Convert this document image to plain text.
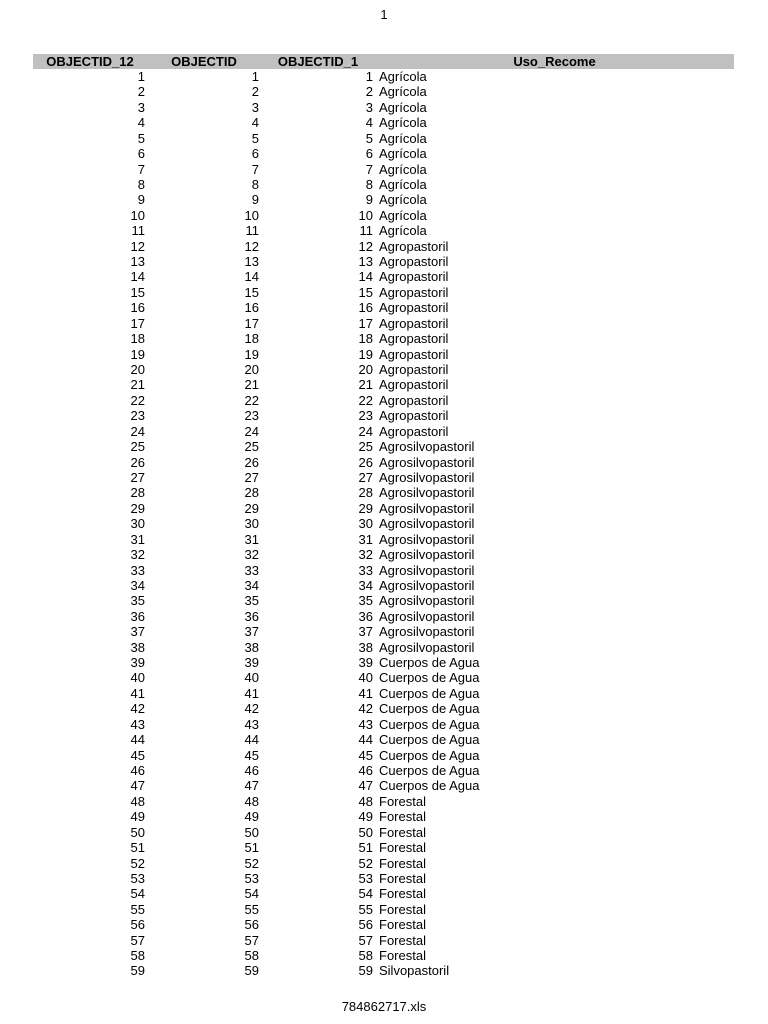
1
OBJECTID_12	OBJECTID	OBJECTID_1	Uso_Recome
1	1	1 Agrícola
2	2	2 Agrícola
3	3	3 Agrícola
4	4	4 Agrícola
5	5	5 Agrícola
6	6	6 Agrícola
7	7	7 Agrícola
8	8	8 Agrícola
9	9	9 Agrícola
10	10	10 Agrícola
11	11	11 Agrícola
12	12	12 Agropastoril
13	13	13 Agropastoril
14	14	14 Agropastoril
15	15	15 Agropastoril
16	16	16 Agropastoril
17	17	17 Agropastoril
18	18	18 Agropastoril
19	19	19 Agropastoril
20	20	20 Agropastoril
21	21	21 Agropastoril
22	22	22 Agropastoril
23	23	23 Agropastoril
24	24	24 Agropastoril
25	25	25 Agrosilvopastoril
26	26	26 Agrosilvopastoril
27	27	27 Agrosilvopastoril
28	28	28 Agrosilvopastoril
29	29	29 Agrosilvopastoril
30	30	30 Agrosilvopastoril
31	31	31 Agrosilvopastoril
32	32	32 Agrosilvopastoril
33	33	33 Agrosilvopastoril
34	34	34 Agrosilvopastoril
35	35	35 Agrosilvopastoril
36	36	36 Agrosilvopastoril
37	37	37 Agrosilvopastoril
38	38	38 Agrosilvopastoril
39	39	39 Cuerpos de Agua
40	40	40 Cuerpos de Agua
41	41	41 Cuerpos de Agua
42	42	42 Cuerpos de Agua
43	43	43 Cuerpos de Agua
44	44	44 Cuerpos de Agua
45	45	45 Cuerpos de Agua
46	46	46 Cuerpos de Agua
47	47	47 Cuerpos de Agua
48	48	48 Forestal
49	49	49 Forestal
50	50	50 Forestal
51	51	51 Forestal
52	52	52 Forestal
53	53	53 Forestal
54	54	54 Forestal
55	55	55 Forestal
56	56	56 Forestal
57	57	57 Forestal
58	58	58 Forestal
59	59	59 Silvopastoril
784862717.xls
